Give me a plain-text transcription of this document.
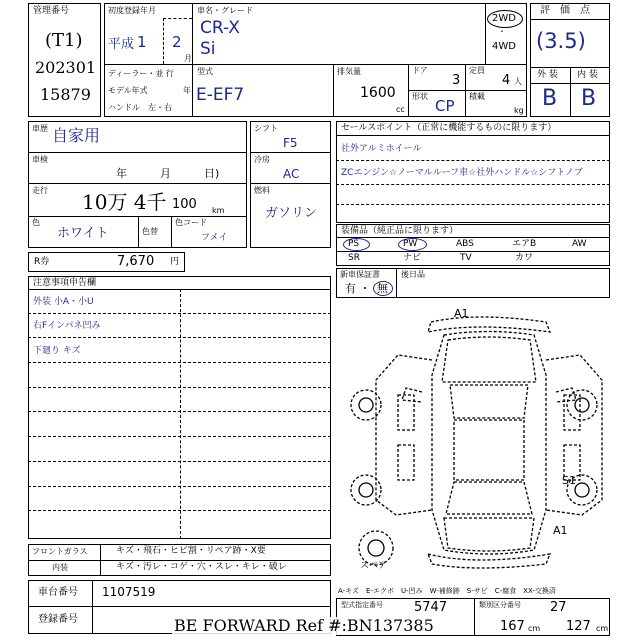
管理番号
(T1)
202301
15879
初度登録年月
平成 1 2
月
ディーラー・並 行
モデル年式	年
ハンドル　左・右
車名・グレード
CR-X
Si
型式
E-EF7
2WD
・
4WD
排気量
1600
cc
ドア
3
定員
4 人
形状
CP
積載
kg
評　価　点
(3.5)
外 装 内 装
B B
車歴 自家用
車検
年　　　月　　　日)
走行 10万 4千 100 km
色
ホワイト	色替
色コード
フメイ
シフト
F5
冷房
AC
燃料
ガソリン
セールスポイント（正常に機能するものに限ります）
社外アルミホイール
ZCエンジン☆ノーマルルーフ車☆社外ハンドル☆シフトノブ
装備品（純正品に限ります）
PS	PW	ABS	エアB	AW
SR	ナビ	TV	カワ
新車保証書
有 ・ 無
後日品
R券	7,670 円
注意事項申告欄
外装 小A・小U
右Fインパネ凹み
下廻り キズ
A1
S1
A1
スペア
フロントガラス	キズ・飛石・ヒビ割・リペア跡・X要
内装	キズ・汚レ・コゲ・穴・スレ・キレ・破レ
車台番号 1107519
登録番号
A-キズ　E-エクボ　U-凹み　W-補修跡　S-サビ　C-腐食　XX-交換済
型式指定番号 5747	類別区分番号 27
167 cm 127 cm
BE FORWARD Ref #:BN137385
